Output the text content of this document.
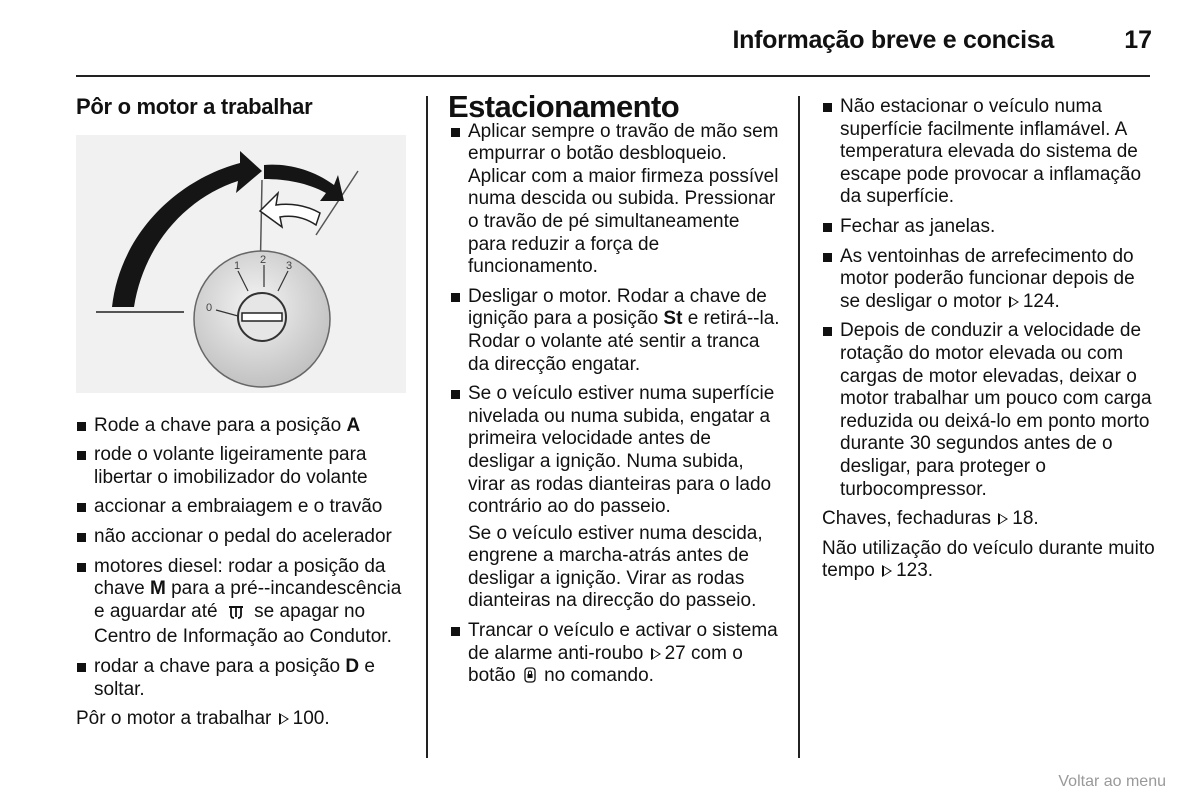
Informação breve e concisa	17
Pôr o motor a trabalhar
1 2 3
0
Rode a chave para a posição A
rode o volante ligeiramente para libertar o imobilizador do volante
accionar a embraiagem e o travão
não accionar o pedal do acelerador
motores diesel: rodar a posição da chave M para a pré--incandescência e aguardar até  se apagar no Centro de Informação ao Condutor.
rodar a chave para a posição D e soltar.

Pôr o motor a trabalhar 100.

Estacionamento
Aplicar sempre o travão de mão sem empurrar o botão desbloqueio. Aplicar com a maior firmeza possível numa descida ou subida. Pressionar o travão de pé simultaneamente para reduzir a força de funcionamento.
Desligar o motor. Rodar a chave de ignição para a posição St e retirá--la. Rodar o volante até sentir a tranca da direcção engatar.
Se o veículo estiver numa superfície nivelada ou numa subida, engatar a primeira velocidade antes de desligar a ignição. Numa subida, virar as rodas dianteiras para o lado contrário ao do passeio.
Se o veículo estiver numa descida, engrene a marcha-atrás antes de desligar a ignição. Virar as rodas dianteiras na direcção do passeio.
Trancar o veículo e activar o sistema de alarme anti-roubo 27 com o botão  no comando.
Não estacionar o veículo numa superfície facilmente inflamável. A temperatura elevada do sistema de escape pode provocar a inflamação da superfície.
Fechar as janelas.
As ventoinhas de arrefecimento do motor poderão funcionar depois de se desligar o motor 124.
Depois de conduzir a velocidade de rotação do motor elevada ou com cargas de motor elevadas, deixar o motor trabalhar um pouco com carga reduzida ou deixá-lo em ponto morto durante 30 segundos antes de o desligar, para proteger o turbocompressor.

Chaves, fechaduras 18.

Não utilização do veículo durante muito tempo 123.

Voltar ao menu
